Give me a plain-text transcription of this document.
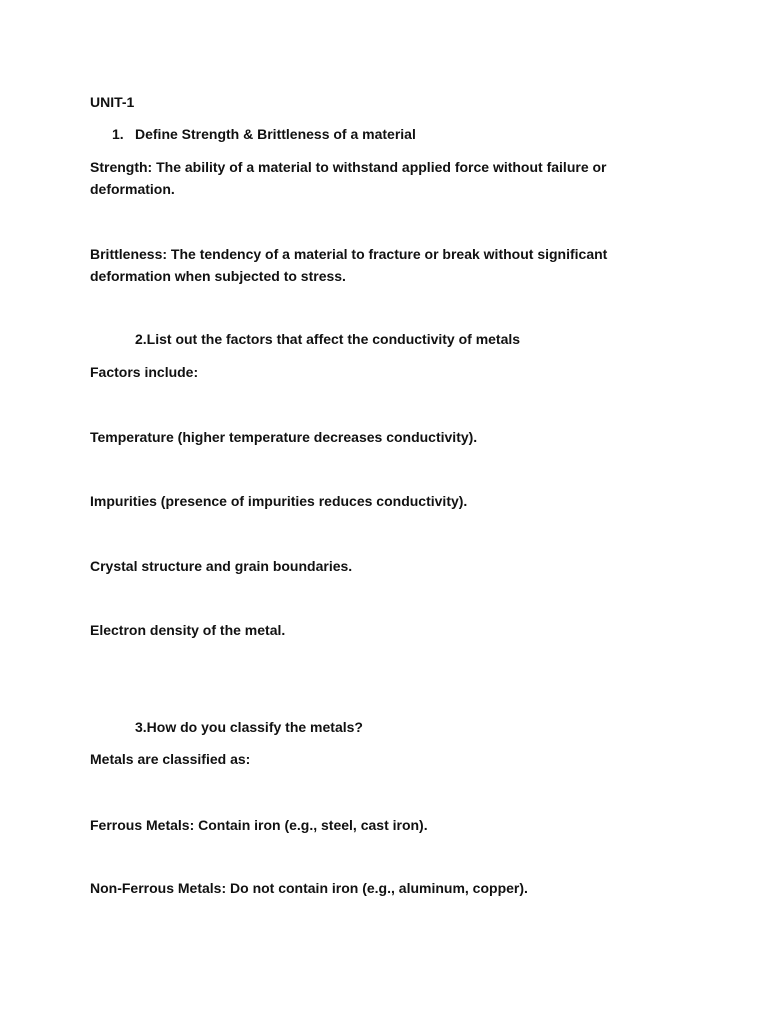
UNIT-1
1. Define Strength & Brittleness of a material
Strength: The ability of a material to withstand applied force without failure or
deformation.
Brittleness: The tendency of a material to fracture or break without significant
deformation when subjected to stress.
2.List out the factors that affect the conductivity of metals
Factors include:
Temperature (higher temperature decreases conductivity).
Impurities (presence of impurities reduces conductivity).
Crystal structure and grain boundaries.
Electron density of the metal.
3.How do you classify the metals?
Metals are classified as:
Ferrous Metals: Contain iron (e.g., steel, cast iron).
Non-Ferrous Metals: Do not contain iron (e.g., aluminum, copper).
